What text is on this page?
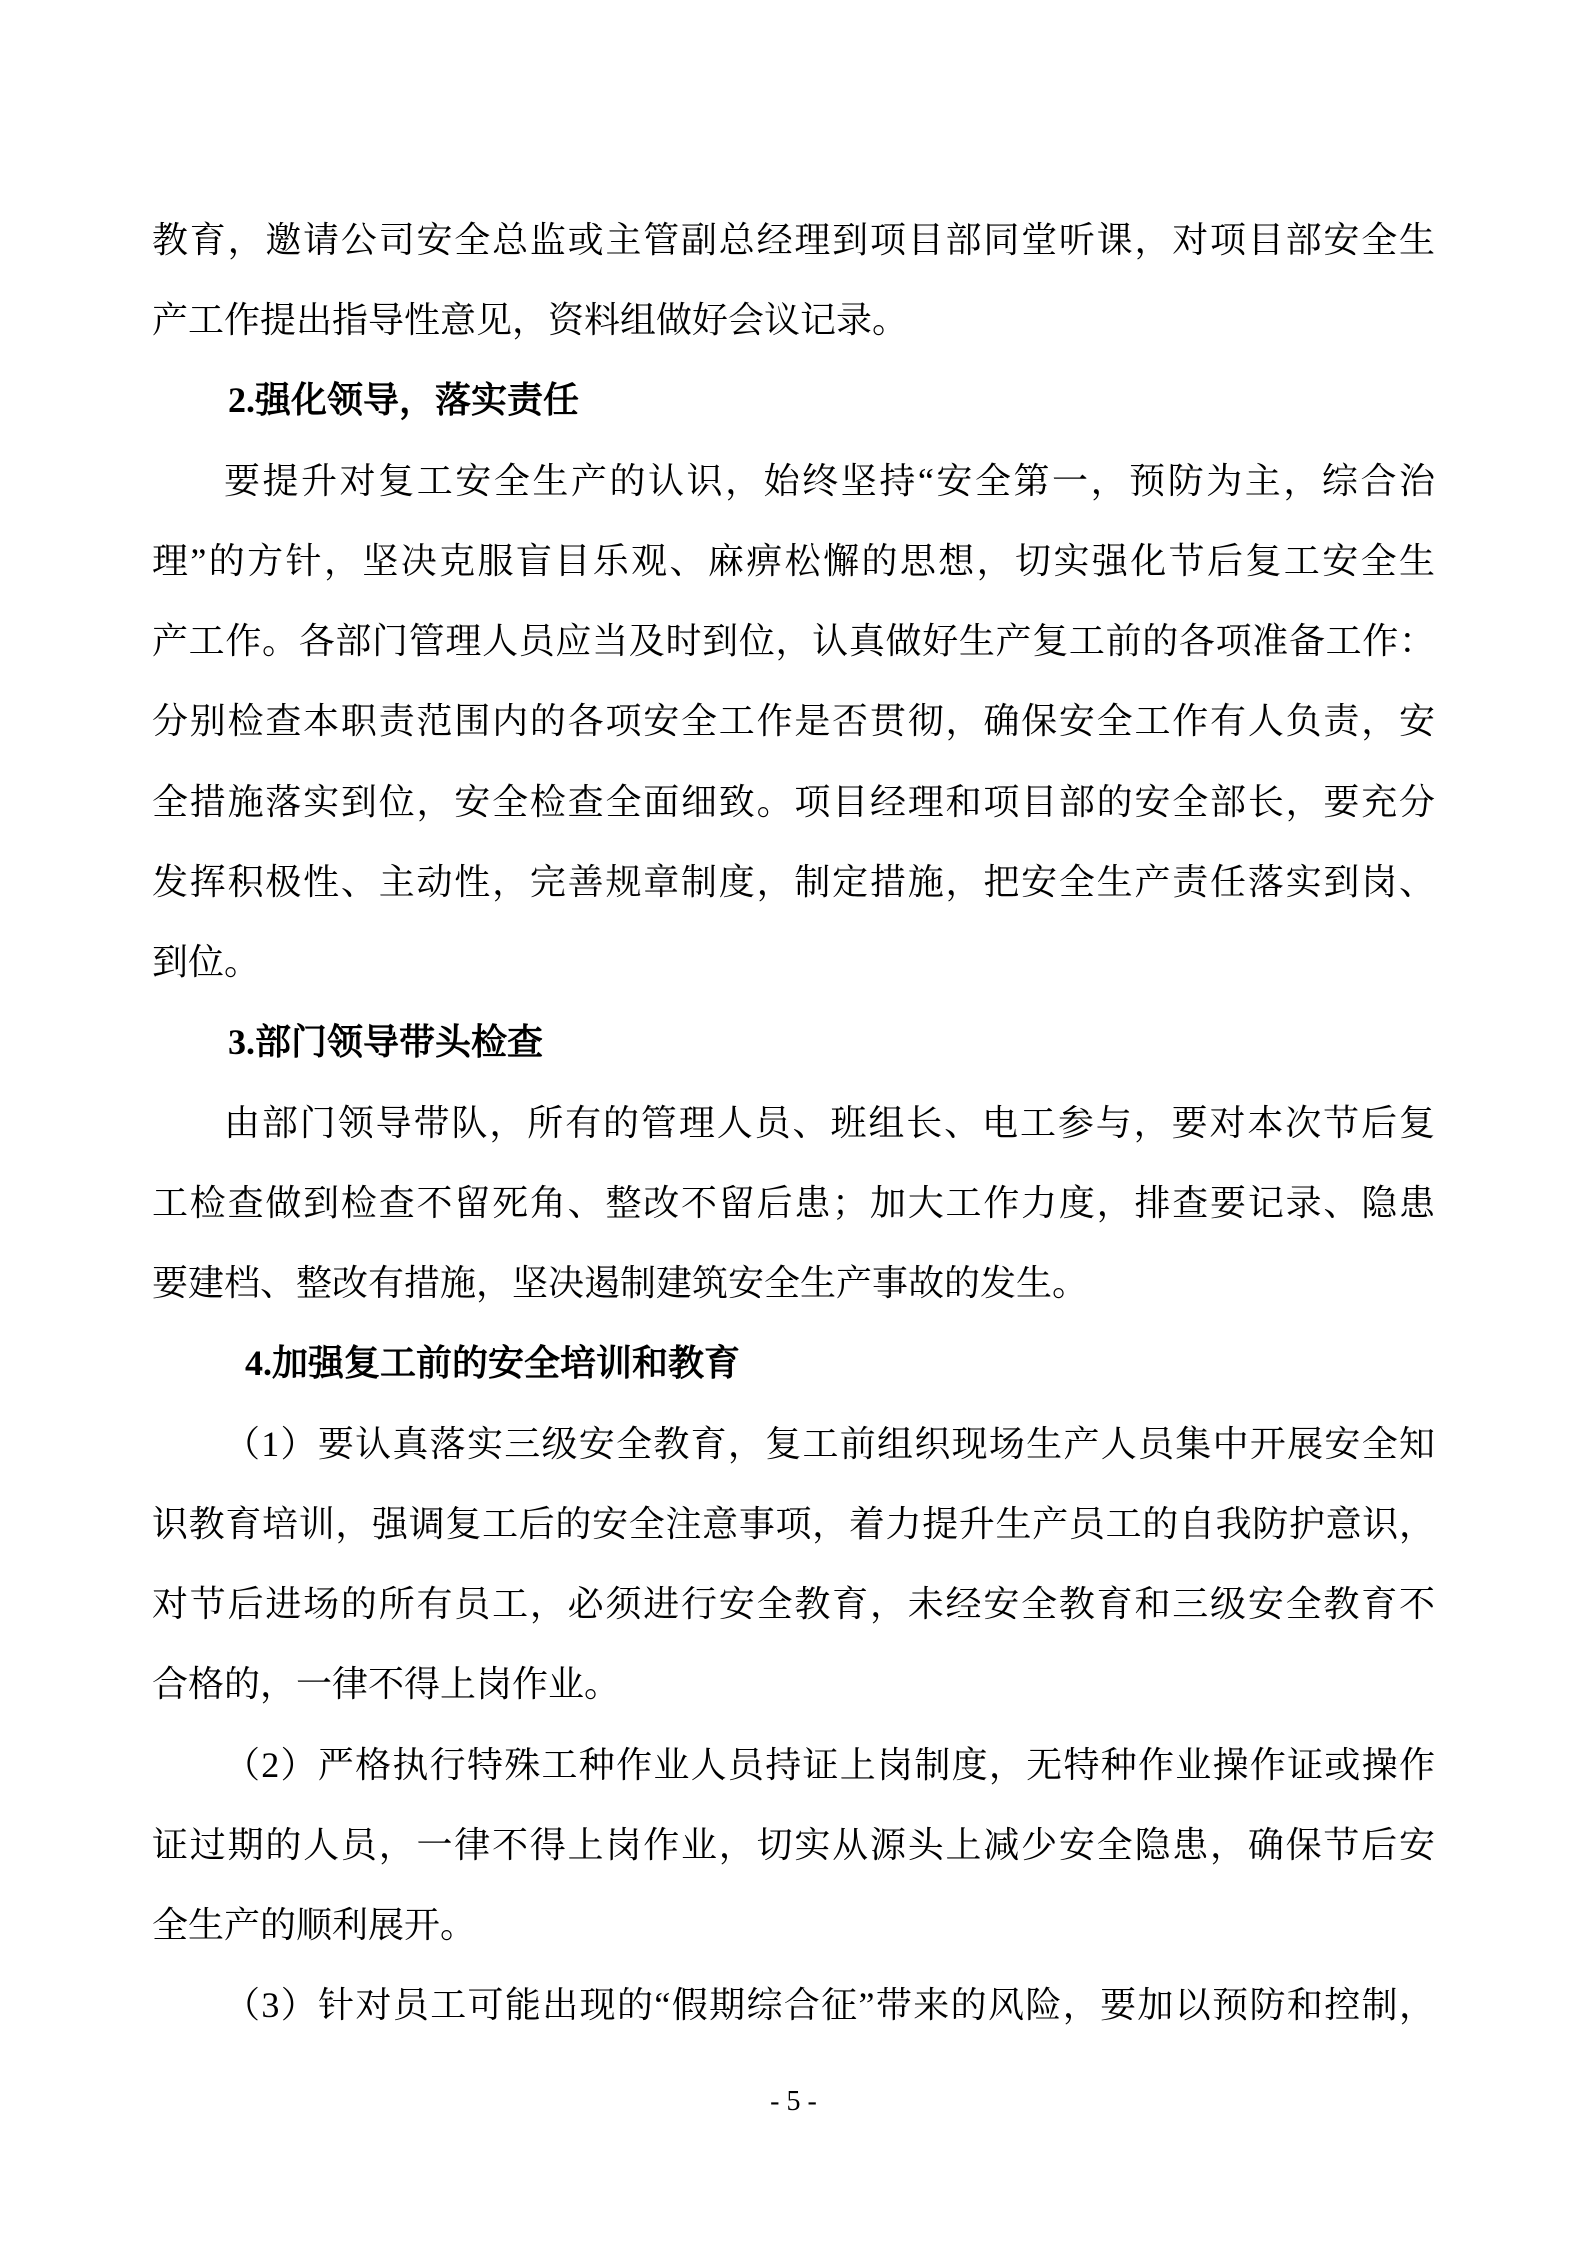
教育，邀请公司安全总监或主管副总经理到项目部同堂听课，对项目部安全生
产工作提出指导性意见，资料组做好会议记录。
2.强化领导，落实责任
要提升对复工安全生产的认识，始终坚持“安全第一，预防为主，综合治
理”的方针，坚决克服盲目乐观、麻痹松懈的思想，切实强化节后复工安全生
产工作。各部门管理人员应当及时到位，认真做好生产复工前的各项准备工作：
分别检查本职责范围内的各项安全工作是否贯彻，确保安全工作有人负责，安
全措施落实到位，安全检查全面细致。项目经理和项目部的安全部长，要充分
发挥积极性、主动性，完善规章制度，制定措施，把安全生产责任落实到岗、
到位。
3.部门领导带头检查
由部门领导带队，所有的管理人员、班组长、电工参与，要对本次节后复
工检查做到检查不留死角、整改不留后患；加大工作力度，排查要记录、隐患
要建档、整改有措施，坚决遏制建筑安全生产事故的发生。
4.加强复工前的安全培训和教育
（1）要认真落实三级安全教育，复工前组织现场生产人员集中开展安全知
识教育培训，强调复工后的安全注意事项，着力提升生产员工的自我防护意识，
对节后进场的所有员工，必须进行安全教育，未经安全教育和三级安全教育不
合格的，一律不得上岗作业。
（2）严格执行特殊工种作业人员持证上岗制度，无特种作业操作证或操作
证过期的人员，一律不得上岗作业，切实从源头上减少安全隐患，确保节后安
全生产的顺利展开。
（3）针对员工可能出现的“假期综合征”带来的风险，要加以预防和控制，
- 5 -
